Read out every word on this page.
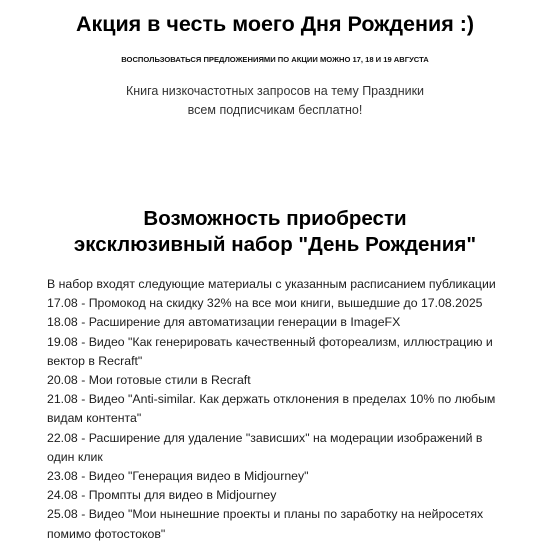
Акция в честь моего Дня Рождения :)
ВОСПОЛЬЗОВАТЬСЯ ПРЕДЛОЖЕНИЯМИ ПО АКЦИИ МОЖНО 17, 18 И 19 АВГУСТА
Книга низкочастотных запросов на тему Праздники
всем подписчикам бесплатно!
Возможность приобрести
эксклюзивный набор "День Рождения"
В набор входят следующие материалы с указанным расписанием публикации
17.08 - Промокод на скидку 32% на все мои книги, вышедшие до 17.08.2025
18.08 - Расширение для автоматизации генерации в ImageFX
19.08 - Видео "Как генерировать качественный фотореализм, иллюстрацию и вектор в Recraft"
20.08 - Мои готовые стили в Recraft
21.08 - Видео "Anti-similar. Как держать отклонения в пределах 10% по любым видам контента"
22.08 - Расширение для удаление "зависших" на модерации изображений в один клик
23.08 - Видео "Генерация видео в Midjourney"
24.08 - Промпты для видео в Midjourney
25.08 - Видео "Мои нынешние проекты и планы по заработку на нейросетях помимо фотостоков"
